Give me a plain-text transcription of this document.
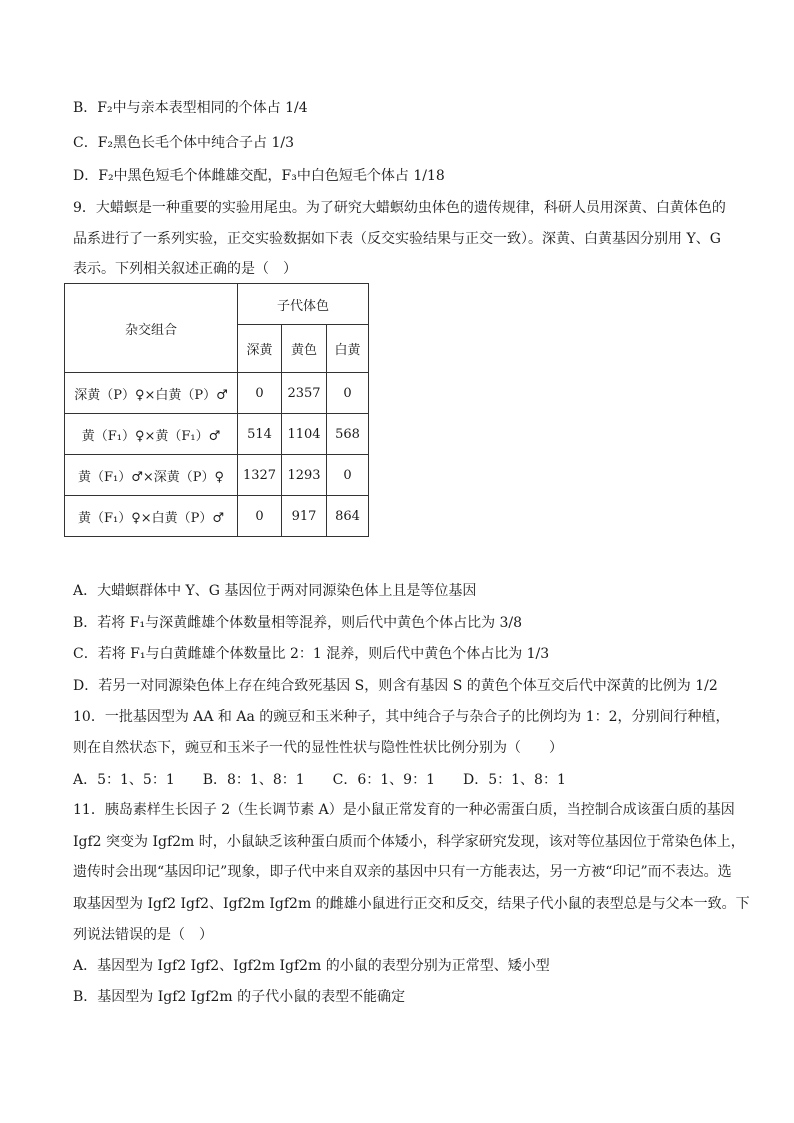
B．F₂中与亲本表型相同的个体占 1/4
C．F₂黑色长毛个体中纯合子占 1/3
D．F₂中黑色短毛个体雌雄交配，F₃中白色短毛个体占 1/18
9．大蜡螟是一种重要的实验用尾虫。为了研究大蜡螟幼虫体色的遗传规律，科研人员用深黄、白黄体色的
品系进行了一系列实验，正交实验数据如下表（反交实验结果与正交一致）。深黄、白黄基因分别用 Y、G
表示。下列相关叙述正确的是（　）
杂交组合	子代体色		
	深黄	黄色	白黄
深黄（P）♀×白黄（P）♂	0	2357	0
黄（F₁）♀×黄（F₁）♂	514	1104	568
黄（F₁）♂×深黄（P）♀	1327	1293	0
黄（F₁）♀×白黄（P）♂	0	917	864
A．大蜡螟群体中 Y、G 基因位于两对同源染色体上且是等位基因
B．若将 F₁与深黄雌雄个体数量相等混养，则后代中黄色个体占比为 3/8
C．若将 F₁与白黄雌雄个体数量比 2：1 混养，则后代中黄色个体占比为 1/3
D．若另一对同源染色体上存在纯合致死基因 S，则含有基因 S 的黄色个体互交后代中深黄的比例为 1/2
10．一批基因型为 AA 和 Aa 的豌豆和玉米种子，其中纯合子与杂合子的比例均为 1：2，分别间行种植，
则在自然状态下，豌豆和玉米子一代的显性性状与隐性性状比例分别为（　　）
A．5：1、5：1　　B．8：1、8：1　　C．6：1、9：1　　D．5：1、8：1
11．胰岛素样生长因子 2（生长调节素 A）是小鼠正常发育的一种必需蛋白质，当控制合成该蛋白质的基因
Igf2 突变为 Igf2m 时，小鼠缺乏该种蛋白质而个体矮小，科学家研究发现，该对等位基因位于常染色体上，
遗传时会出现“基因印记”现象，即子代中来自双亲的基因中只有一方能表达，另一方被“印记”而不表达。选
取基因型为 Igf2 Igf2、Igf2m Igf2m 的雌雄小鼠进行正交和反交，结果子代小鼠的表型总是与父本一致。下
列说法错误的是（　）
A．基因型为 Igf2 Igf2、Igf2m Igf2m 的小鼠的表型分别为正常型、矮小型
B．基因型为 Igf2 Igf2m 的子代小鼠的表型不能确定
